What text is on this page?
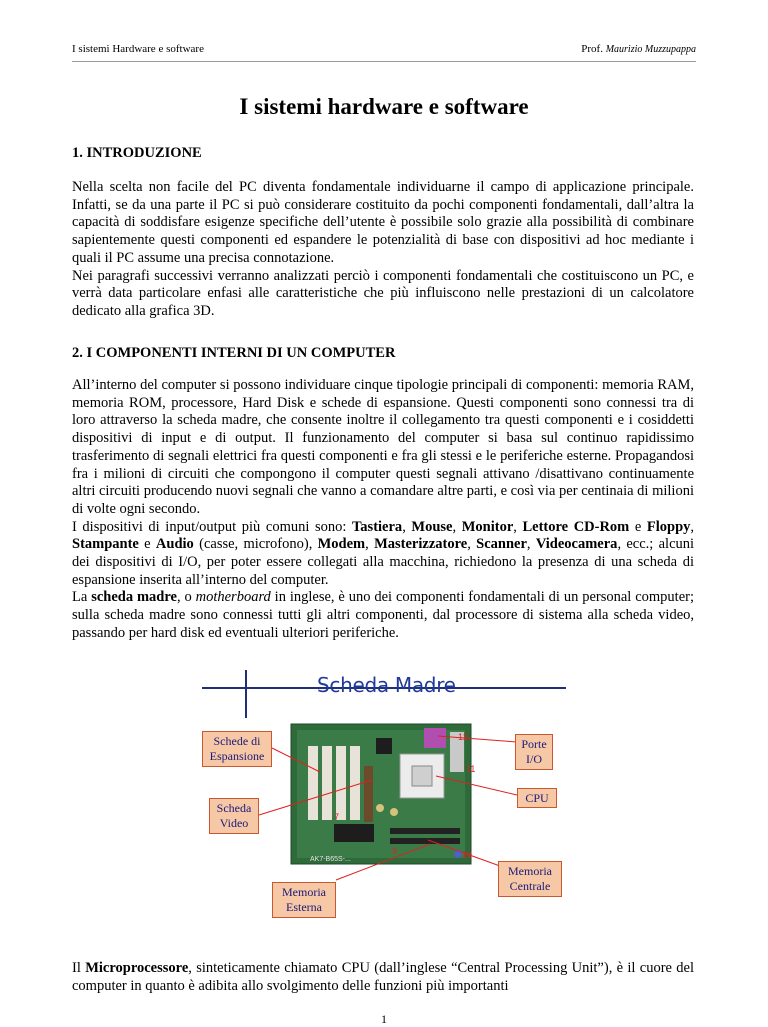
I sistemi Hardware e software	Prof. Maurizio Muzzupappa
I sistemi hardware e software
1. INTRODUZIONE

Nella scelta non facile del PC diventa fondamentale individuarne il campo di applicazione principale. Infatti, se da una parte il PC si può considerare costituito da pochi componenti fondamentali, dall’altra la capacità di soddisfare esigenze specifiche dell’utente è possibile solo grazie alla possibilità di combinare sapientemente questi componenti ed espandere le potenzialità di base con dispositivi ad hoc mediante i quali il PC assume una precisa connotazione.
Nei paragrafi successivi verranno analizzati perciò i componenti fondamentali che costituiscono un PC, e verrà data particolare enfasi alle caratteristiche che più influiscono nelle prestazioni di un calcolatore dedicato alla grafica 3D.

2. I COMPONENTI INTERNI DI UN COMPUTER

All’interno del computer si possono individuare cinque tipologie principali di componenti: memoria RAM, memoria ROM, processore, Hard Disk e schede di espansione. Questi componenti sono connessi tra di loro attraverso la scheda madre, che consente inoltre il collegamento tra questi componenti e i cosiddetti dispositivi di input e di output. Il funzionamento del computer si basa sul continuo rapidissimo trasferimento di segnali elettrici fra questi componenti e fra gli stessi e le periferiche esterne. Propagandosi fra i milioni di circuiti che compongono il computer questi segnali attivano /disattivano continuamente altri circuiti producendo nuovi segnali che vanno a comandare altre parti, e così via per centinaia di milioni di volte ogni secondo.
I dispositivi di input/output più comuni sono: Tastiera, Mouse, Monitor, Lettore CD-Rom e Floppy, Stampante e Audio (casse, microfono), Modem, Masterizzatore, Scanner, Videocamera, ecc.; alcuni dei dispositivi di I/O, per poter essere collegati alla macchina, richiedono la presenza di una scheda di espansione inserita all’interno del computer.
La scheda madre, o motherboard in inglese, è uno dei componenti fondamentali di un personal computer; sulla scheda madre sono connessi tutti gli altri componenti, dal processore di sistema alla scheda video, passando per hard disk ed eventuali ulteriori periferiche.

12
11
7
9	10
AK7-B65S-...
Scheda Madre
Schede di Espansione
Scheda Video
Porte I/O
CPU
Memoria Centrale
Memoria Esterna

Il Microprocessore, sinteticamente chiamato CPU (dall’inglese “Central Processing Unit”), è il cuore del computer in quanto è adibita allo svolgimento delle funzioni più importanti

1
